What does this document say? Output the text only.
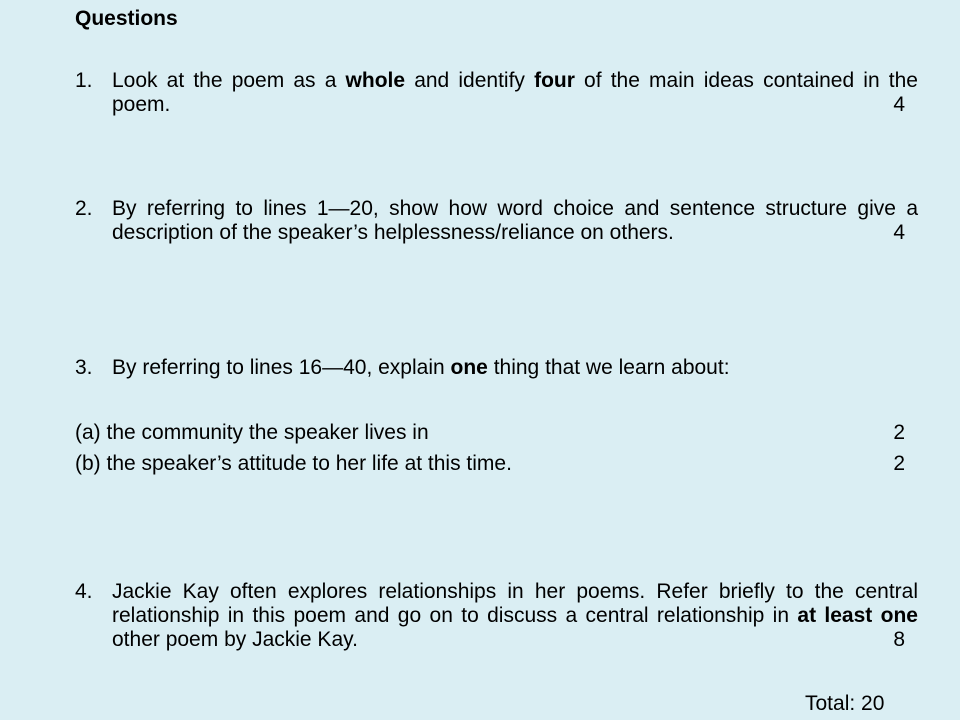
Questions
1. Look at the poem as a whole and identify four of the main ideas contained in the poem.	4
2. By referring to lines 1—20, show how word choice and sentence structure give a description of the speaker’s helplessness/reliance on others.	4
3. By referring to lines 16—40, explain one thing that we learn about:
(a) the community the speaker lives in	2
(b) the speaker’s attitude to her life at this time.	2
4. Jackie Kay often explores relationships in her poems. Refer briefly to the central relationship in this poem and go on to discuss a central relationship in at least one other poem by Jackie Kay.	8
Total: 20
